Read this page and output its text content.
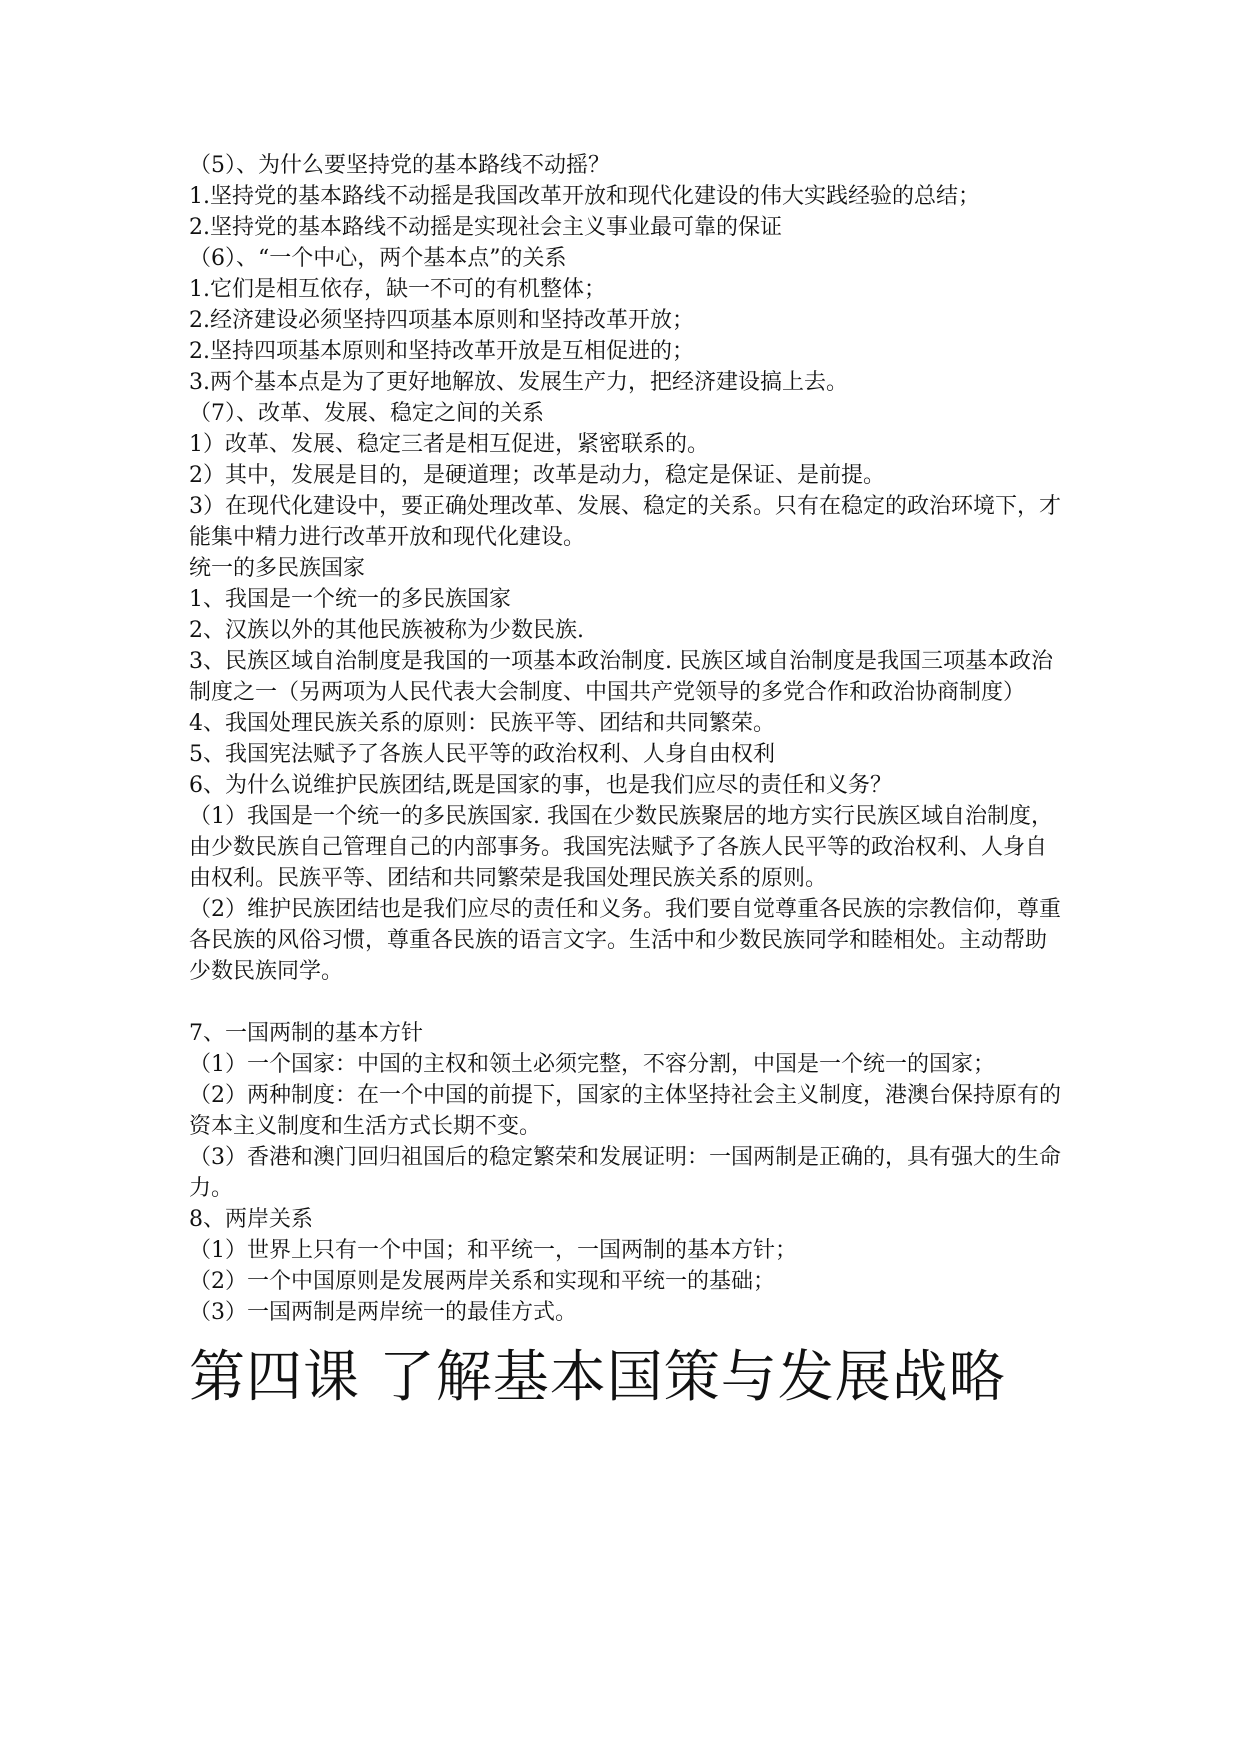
（5）、为什么要坚持党的基本路线不动摇？

1.坚持党的基本路线不动摇是我国改革开放和现代化建设的伟大实践经验的总结；

2.坚持党的基本路线不动摇是实现社会主义事业最可靠的保证

（6）、“一个中心，两个基本点”的关系

1.它们是相互依存，缺一不可的有机整体；

2.经济建设必须坚持四项基本原则和坚持改革开放；

2.坚持四项基本原则和坚持改革开放是互相促进的；

3.两个基本点是为了更好地解放、发展生产力，把经济建设搞上去。

（7）、改革、发展、稳定之间的关系

1）改革、发展、稳定三者是相互促进，紧密联系的。

2）其中，发展是目的，是硬道理；改革是动力，稳定是保证、是前提。

3）在现代化建设中，要正确处理改革、发展、稳定的关系。只有在稳定的政治环境下，才能集中精力进行改革开放和现代化建设。

统一的多民族国家

1、我国是一个统一的多民族国家

2、汉族以外的其他民族被称为少数民族.

3、民族区域自治制度是我国的一项基本政治制度. 民族区域自治制度是我国三项基本政治制度之一（另两项为人民代表大会制度、中国共产党领导的多党合作和政治协商制度）

4、我国处理民族关系的原则：民族平等、团结和共同繁荣。

5、我国宪法赋予了各族人民平等的政治权利、人身自由权利

6、为什么说维护民族团结,既是国家的事，也是我们应尽的责任和义务？

（1）我国是一个统一的多民族国家. 我国在少数民族聚居的地方实行民族区域自治制度，由少数民族自己管理自己的内部事务。我国宪法赋予了各族人民平等的政治权利、人身自由权利。民族平等、团结和共同繁荣是我国处理民族关系的原则。

（2）维护民族团结也是我们应尽的责任和义务。我们要自觉尊重各民族的宗教信仰，尊重各民族的风俗习惯，尊重各民族的语言文字。生活中和少数民族同学和睦相处。主动帮助少数民族同学。

7、一国两制的基本方针

（1）一个国家：中国的主权和领土必须完整，不容分割，中国是一个统一的国家；

（2）两种制度：在一个中国的前提下，国家的主体坚持社会主义制度，港澳台保持原有的资本主义制度和生活方式长期不变。

（3）香港和澳门回归祖国后的稳定繁荣和发展证明：一国两制是正确的，具有强大的生命力。

8、两岸关系

（1）世界上只有一个中国；和平统一，一国两制的基本方针；

（2）一个中国原则是发展两岸关系和实现和平统一的基础；

（3）一国两制是两岸统一的最佳方式。

第四课 了解基本国策与发展战略
